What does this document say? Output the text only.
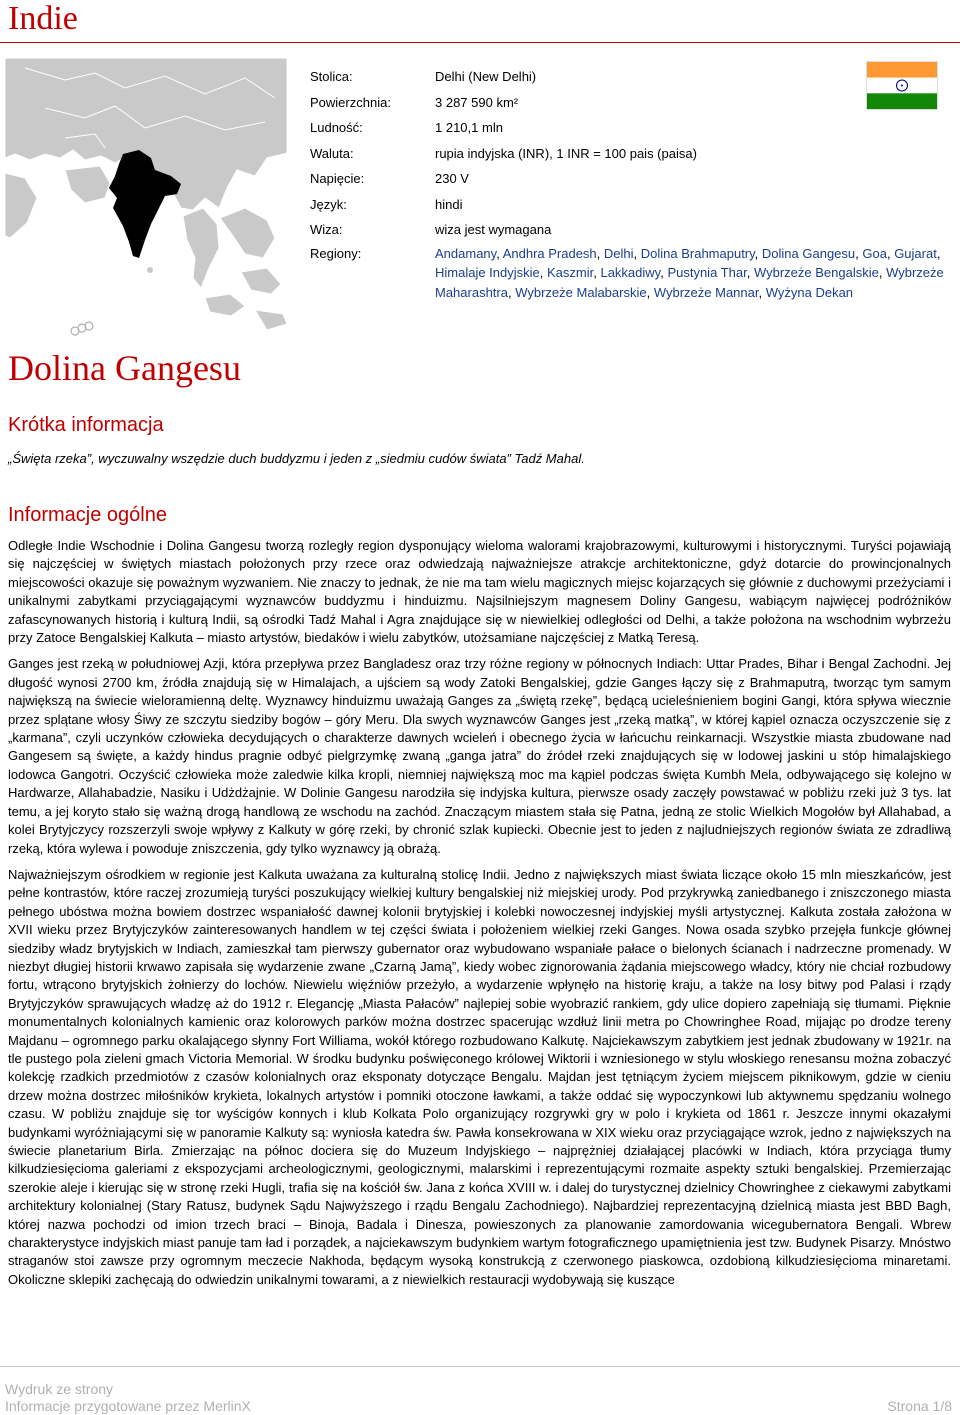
Indie
Stolica:	Delhi (New Delhi)
Powierzchnia:	3 287 590 km²
Ludność:	1 210,1 mln
Waluta:	rupia indyjska (INR), 1 INR = 100 pais (paisa)
Napięcie:	230 V
Język:	hindi
Wiza:	wiza jest wymagana
Regiony:	Andamany, Andhra Pradesh, Delhi, Dolina Brahmaputry, Dolina Gangesu, Goa, Gujarat, Himalaje Indyjskie, Kaszmir, Lakkadiwy, Pustynia Thar, Wybrzeże Bengalskie, Wybrzeże Maharashtra, Wybrzeże Malabarskie, Wybrzeże Mannar, Wyżyna Dekan
Dolina Gangesu
Krótka informacja
„Święta rzeka”, wyczuwalny wszędzie duch buddyzmu i jeden z „siedmiu cudów świata” Tadź Mahal.
Informacje ogólne

Odległe Indie Wschodnie i Dolina Gangesu tworzą rozległy region dysponujący wieloma walorami krajobrazowymi, kulturowymi i historycznymi. Turyści pojawiają się najczęściej w świętych miastach położonych przy rzece oraz odwiedzają najważniejsze atrakcje architektoniczne, gdyż dotarcie do prowincjonalnych miejscowości okazuje się poważnym wyzwaniem. Nie znaczy to jednak, że nie ma tam wielu magicznych miejsc kojarzących się głównie z duchowymi przeżyciami i unikalnymi zabytkami przyciągającymi wyznawców buddyzmu i hinduizmu. Najsilniejszym magnesem Doliny Gangesu, wabiącym najwięcej podróżników zafascynowanych historią i kulturą Indii, są ośrodki Tadź Mahal i Agra znajdujące się w niewielkiej odległości od Delhi, a także położona na wschodnim wybrzeżu przy Zatoce Bengalskiej Kalkuta – miasto artystów, biedaków i wielu zabytków, utożsamiane najczęściej z Matką Teresą.

Ganges jest rzeką w południowej Azji, która przepływa przez Bangladesz oraz trzy różne regiony w północnych Indiach: Uttar Prades, Bihar i Bengal Zachodni. Jej długość wynosi 2700 km, źródła znajdują się w Himalajach, a ujściem są wody Zatoki Bengalskiej, gdzie Ganges łączy się z Brahmaputrą, tworząc tym samym największą na świecie wieloramienną deltę. Wyznawcy hinduizmu uważają Ganges za „świętą rzekę”, będącą ucieleśnieniem bogini Gangi, która spływa wiecznie przez splątane włosy Śiwy ze szczytu siedziby bogów – góry Meru. Dla swych wyznawców Ganges jest „rzeką matką”, w której kąpiel oznacza oczyszczenie się z „karmana”, czyli uczynków człowieka decydujących o charakterze dawnych wcieleń i obecnego życia w łańcuchu reinkarnacji. Wszystkie miasta zbudowane nad Gangesem są święte, a każdy hindus pragnie odbyć pielgrzymkę zwaną „ganga jatra” do źródeł rzeki znajdujących się w lodowej jaskini u stóp himalajskiego lodowca Gangotri. Oczyścić człowieka może zaledwie kilka kropli, niemniej największą moc ma kąpiel podczas święta Kumbh Mela, odbywającego się kolejno w Hardwarze, Allahabadzie, Nasiku i Udżdżajnie. W Dolinie Gangesu narodziła się indyjska kultura, pierwsze osady zaczęły powstawać w pobliżu rzeki już 3 tys. lat temu, a jej koryto stało się ważną drogą handlową ze wschodu na zachód. Znaczącym miastem stała się Patna, jedną ze stolic Wielkich Mogołów był Allahabad, a kolei Brytyjczycy rozszerzyli swoje wpływy z Kalkuty w górę rzeki, by chronić szlak kupiecki. Obecnie jest to jeden z najludniejszych regionów świata ze zdradliwą rzeką, która wylewa i powoduje zniszczenia, gdy tylko wyznawcy ją obrażą.

Najważniejszym ośrodkiem w regionie jest Kalkuta uważana za kulturalną stolicę Indii. Jedno z największych miast świata liczące około 15 mln mieszkańców, jest pełne kontrastów, które raczej zrozumieją turyści poszukujący wielkiej kultury bengalskiej niż miejskiej urody. Pod przykrywką zaniedbanego i zniszczonego miasta pełnego ubóstwa można bowiem dostrzec wspaniałość dawnej kolonii brytyjskiej i kolebki nowoczesnej indyjskiej myśli artystycznej. Kalkuta została założona w XVII wieku przez Brytyjczyków zainteresowanych handlem w tej części świata i położeniem wielkiej rzeki Ganges. Nowa osada szybko przejęła funkcje głównej siedziby władz brytyjskich w Indiach, zamieszkał tam pierwszy gubernator oraz wybudowano wspaniałe pałace o bielonych ścianach i nadrzeczne promenady. W niezbyt długiej historii krwawo zapisała się wydarzenie zwane „Czarną Jamą”, kiedy wobec zignorowania żądania miejscowego władcy, który nie chciał rozbudowy fortu, wtrącono brytyjskich żołnierzy do lochów. Niewielu więźniów przeżyło, a wydarzenie wpłynęło na historię kraju, a także na losy bitwy pod Palasi i rządy Brytyjczyków sprawujących władzę aż do 1912 r. Elegancję „Miasta Pałaców” najlepiej sobie wyobrazić rankiem, gdy ulice dopiero zapełniają się tłumami. Pięknie monumentalnych kolonialnych kamienic oraz kolorowych parków można dostrzec spacerując wzdłuż linii metra po Chowringhee Road, mijając po drodze tereny Majdanu – ogromnego parku okalającego słynny Fort Williama, wokół którego rozbudowano Kalkutę. Najciekawszym zabytkiem jest jednak zbudowany w 1921r. na tle pustego pola zieleni gmach Victoria Memorial. W środku budynku poświęconego królowej Wiktorii i wzniesionego w stylu włoskiego renesansu można zobaczyć kolekcję rzadkich przedmiotów z czasów kolonialnych oraz eksponaty dotyczące Bengalu. Majdan jest tętniącym życiem miejscem piknikowym, gdzie w cieniu drzew można dostrzec miłośników krykieta, lokalnych artystów i pomniki otoczone ławkami, a także oddać się wypoczynkowi lub aktywnemu spędzaniu wolnego czasu. W pobliżu znajduje się tor wyścigów konnych i klub Kolkata Polo organizujący rozgrywki gry w polo i krykieta od 1861 r. Jeszcze innymi okazałymi budynkami wyróżniającymi się w panoramie Kalkuty są: wyniosła katedra św. Pawła konsekrowana w XIX wieku oraz przyciągające wzrok, jedno z największych na świecie planetarium Birla. Zmierzając na północ dociera się do Muzeum Indyjskiego – najprężniej działającej placówki w Indiach, która przyciąga tłumy kilkudziesięcioma galeriami z ekspozycjami archeologicznymi, geologicznymi, malarskimi i reprezentującymi rozmaite aspekty sztuki bengalskiej. Przemierzając szerokie aleje i kierując się w stronę rzeki Hugli, trafia się na kościół św. Jana z końca XVIII w. i dalej do turystycznej dzielnicy Chowringhee z ciekawymi zabytkami architektury kolonialnej (Stary Ratusz, budynek Sądu Najwyższego i rządu Bengalu Zachodniego). Najbardziej reprezentacyjną dzielnicą miasta jest BBD Bagh, której nazwa pochodzi od imion trzech braci – Binoja, Badala i Dinesza, powieszonych za planowanie zamordowania wicegubernatora Bengali. Wbrew charakterystyce indyjskich miast panuje tam ład i porządek, a najciekawszym budynkiem wartym fotograficznego upamiętnienia jest tzw. Budynek Pisarzy. Mnóstwo straganów stoi zawsze przy ogromnym meczecie Nakhoda, będącym wysoką konstrukcją z czerwonego piaskowca, ozdobioną kilkudziesięcioma minaretami. Okoliczne sklepiki zachęcają do odwiedzin unikalnymi towarami, a z niewielkich restauracji wydobywają się kuszące

Wydruk ze strony
Informacje przygotowane przez MerlinX	Strona 1/8
